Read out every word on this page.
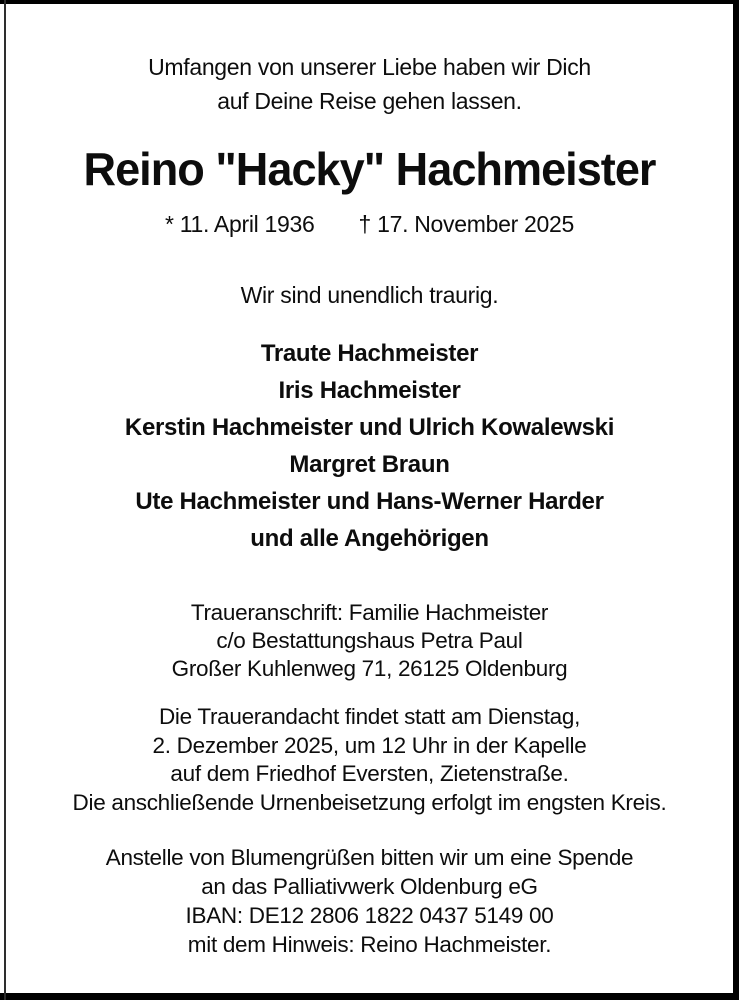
Umfangen von unserer Liebe haben wir Dich
auf Deine Reise gehen lassen.
Reino "Hacky" Hachmeister
* 11. April 1936 † 17. November 2025
Wir sind unendlich traurig.
Traute Hachmeister
Iris Hachmeister
Kerstin Hachmeister und Ulrich Kowalewski
Margret Braun
Ute Hachmeister und Hans-Werner Harder
und alle Angehörigen
Traueranschrift: Familie Hachmeister
c/o Bestattungshaus Petra Paul
Großer Kuhlenweg 71, 26125 Oldenburg
Die Trauerandacht findet statt am Dienstag,
2. Dezember 2025, um 12 Uhr in der Kapelle
auf dem Friedhof Eversten, Zietenstraße.
Die anschließende Urnenbeisetzung erfolgt im engsten Kreis.
Anstelle von Blumengrüßen bitten wir um eine Spende
an das Palliativwerk Oldenburg eG
IBAN: DE12 2806 1822 0437 5149 00
mit dem Hinweis: Reino Hachmeister.
